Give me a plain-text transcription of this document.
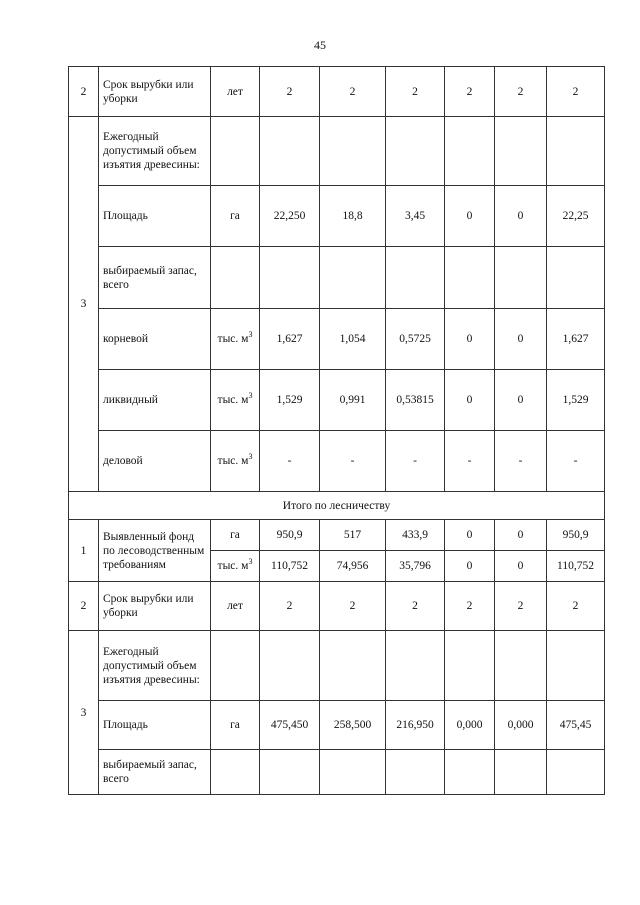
45
2	Срок вырубки или уборки	лет	2	2	2	2	2	2
3	Ежегодный допустимый объем изъятия древесины:							
	Площадь	га	22,250	18,8	3,45	0	0	22,25
	выбираемый запас, всего							
	корневой	тыс. $м^3$	1,627	1,054	0,5725	0	0	1,627
	ликвидный	тыс. $м^3$	1,529	0,991	0,53815	0	0	1,529
	деловой	тыс. $м^3$	-	-	-	-	-	-
Итого по лесничеству								
1	Выявленный фонд по лесоводственным требованиям	га	950,9	517	433,9	0	0	950,9
		тыс. $м^3$	110,752	74,956	35,796	0	0	110,752
2	Срок вырубки или уборки	лет	2	2	2	2	2	2
3	Ежегодный допустимый объем изъятия древесины:							
	Площадь	га	475,450	258,500	216,950	0,000	0,000	475,45
	выбираемый запас, всего							
